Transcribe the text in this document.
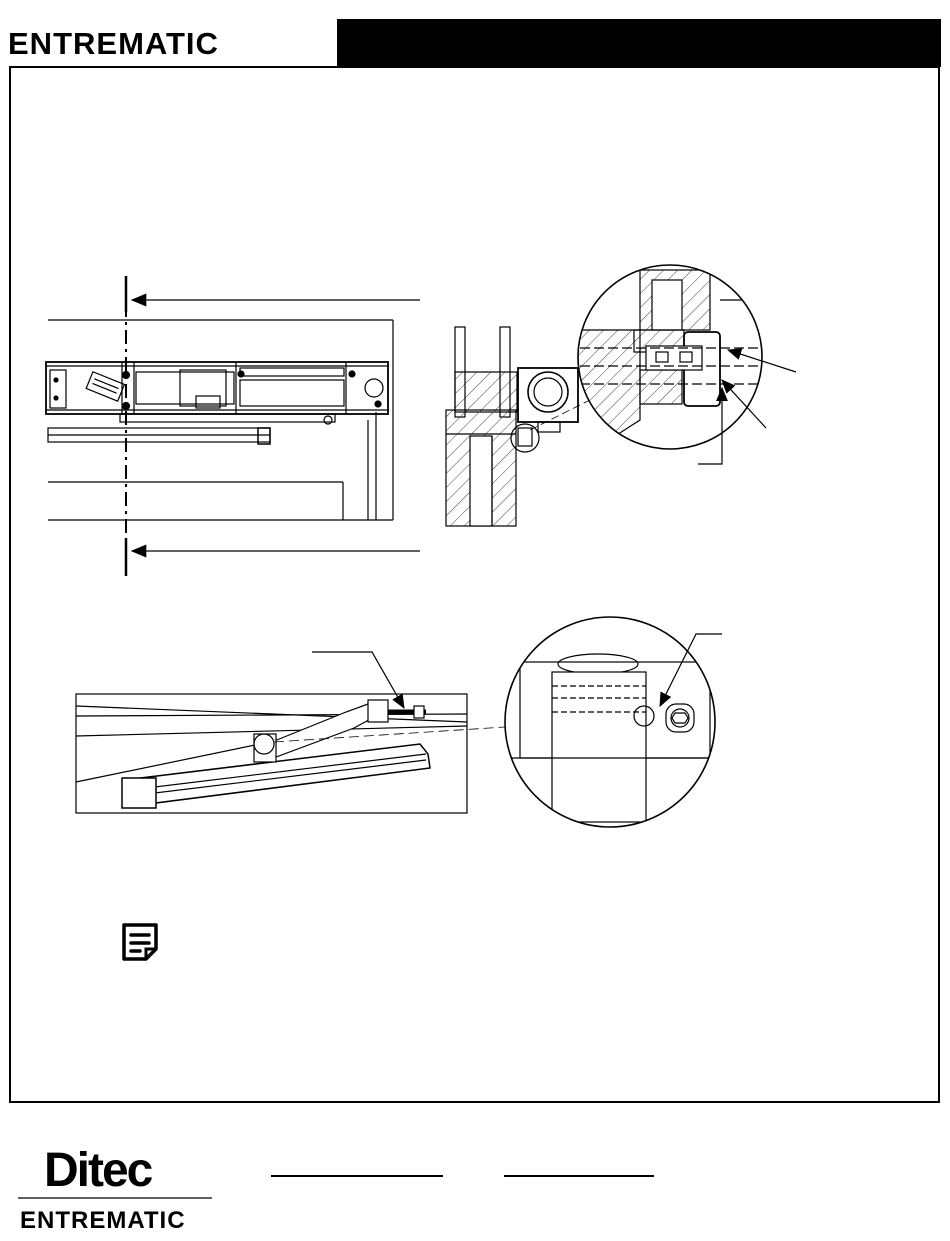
ENTREMATIC
Ditec
ENTREMATIC
